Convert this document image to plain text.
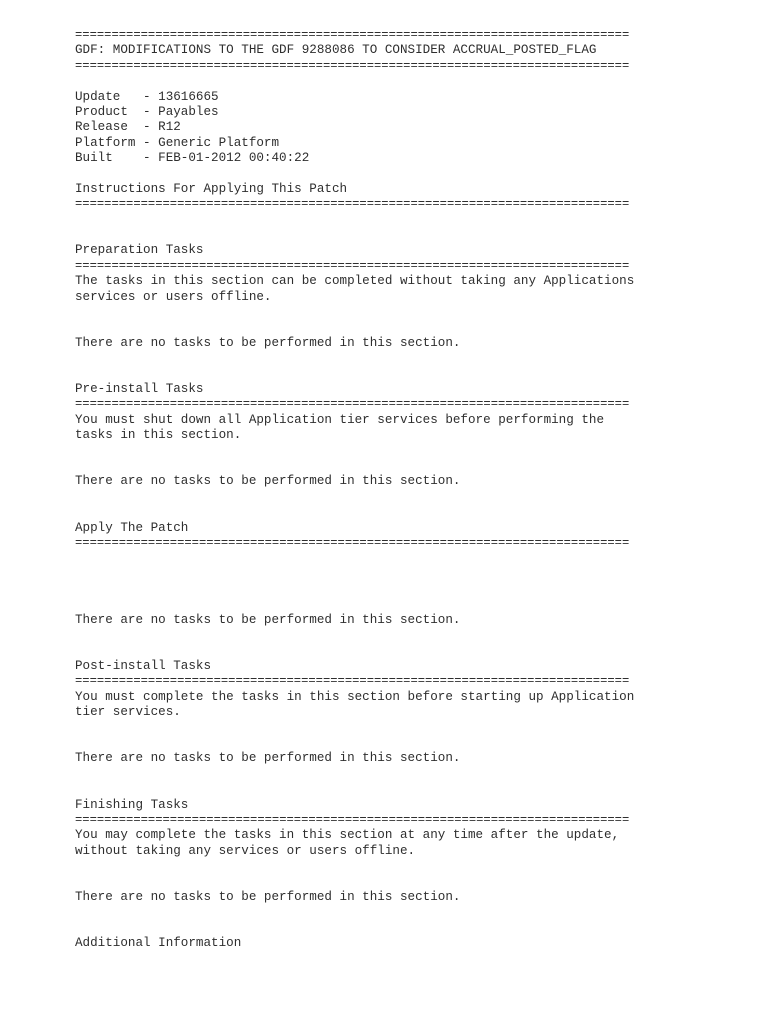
============================================================================
GDF: MODIFICATIONS TO THE GDF 9288086 TO CONSIDER ACCRUAL_POSTED_FLAG
============================================================================
Update   - 13616665
Product  - Payables
Release  - R12
Platform - Generic Platform
Built    - FEB-01-2012 00:40:22
Instructions For Applying This Patch
============================================================================
Preparation Tasks
============================================================================
The tasks in this section can be completed without taking any Applications
services or users offline.
There are no tasks to be performed in this section.
Pre-install Tasks
============================================================================
You must shut down all Application tier services before performing the
tasks in this section.
There are no tasks to be performed in this section.
Apply The Patch
============================================================================
There are no tasks to be performed in this section.
Post-install Tasks
============================================================================
You must complete the tasks in this section before starting up Application
tier services.
There are no tasks to be performed in this section.
Finishing Tasks
============================================================================
You may complete the tasks in this section at any time after the update,
without taking any services or users offline.
There are no tasks to be performed in this section.
Additional Information
